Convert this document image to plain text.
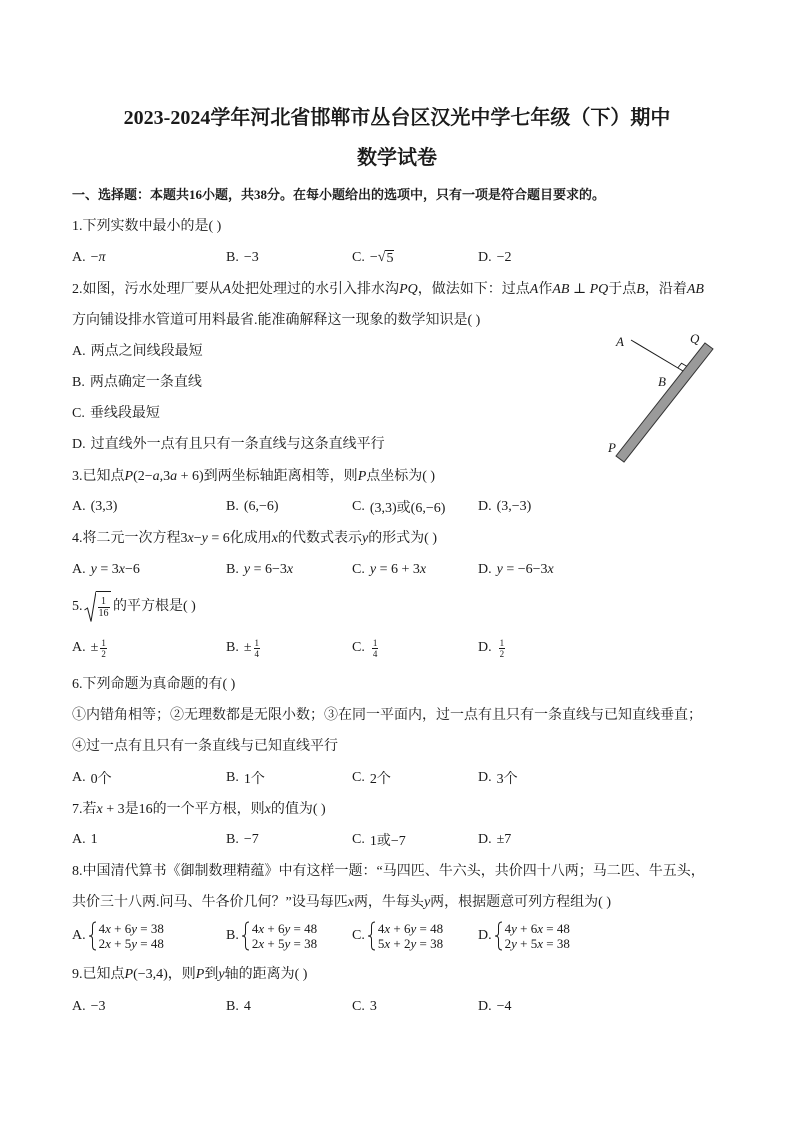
2023-2024学年河北省邯郸市丛台区汉光中学七年级（下）期中
数学试卷
一、选择题：本题共16小题，共38分。在每小题给出的选项中，只有一项是符合题目要求的。
1.下列实数中最小的是( )
A. −π	B. −3	C. −√ 5	D. −2
2.如图，污水处理厂要从A处把处理过的水引入排水沟PQ，做法如下：过点A作AB ⊥ PQ于点B，沿着AB
方向铺设排水管道可用料最省.能准确解释这一现象的数学知识是( )
A. 两点之间线段最短
B. 两点确定一条直线
C. 垂线段最短
D. 过直线外一点有且只有一条直线与这条直线平行
A	Q
B
P
3.已知点P(2−a,3a + 6)到两坐标轴距离相等，则P点坐标为( )
A. (3,3)	B. (6,−6)	C. (3,3)或(6,−6) D. (3,−3)
4.将二元一次方程3x−y = 6化成用x的代数式表示y的形式为( )
A. y = 3x−6	B. y = 6−3x	C. y = 6 + 3x	D. y = −6−3x
5. $\frac{1}{16}$ 的平方根是( )
A. ± $\frac{1}{2}$	B. ± $\frac{1}{4}$	C. $\frac{1}{4}$	D. $\frac{1}{2}$
6.下列命题为真命题的有( )
①内错角相等；②无理数都是无限小数；③在同一平面内，过一点有且只有一条直线与已知直线垂直；
④过一点有且只有一条直线与已知直线平行
A. 0个	B. 1个	C. 2个	D. 3个
7.若x + 3是16的一个平方根，则x的值为( )
A. 1	B. −7	C. 1或−7	D. ±7
8.中国清代算书《御制数理精蕴》中有这样一题：“马四匹、牛六头，共价四十八两；马二匹、牛五头，
共价三十八两.问马、牛各价几何？”设马每匹x两，牛每头y两，根据题意可列方程组为( )
A. 4x + 6y = 38
2x + 5y = 48
B. 4x + 6y = 48
2x + 5y = 38
C. 4x + 6y = 48
5x + 2y = 38
D. 4y + 6x = 48
2y + 5x = 38
9.已知点P(−3,4)，则P到y轴的距离为( )
A. −3	B. 4	C. 3	D. −4
